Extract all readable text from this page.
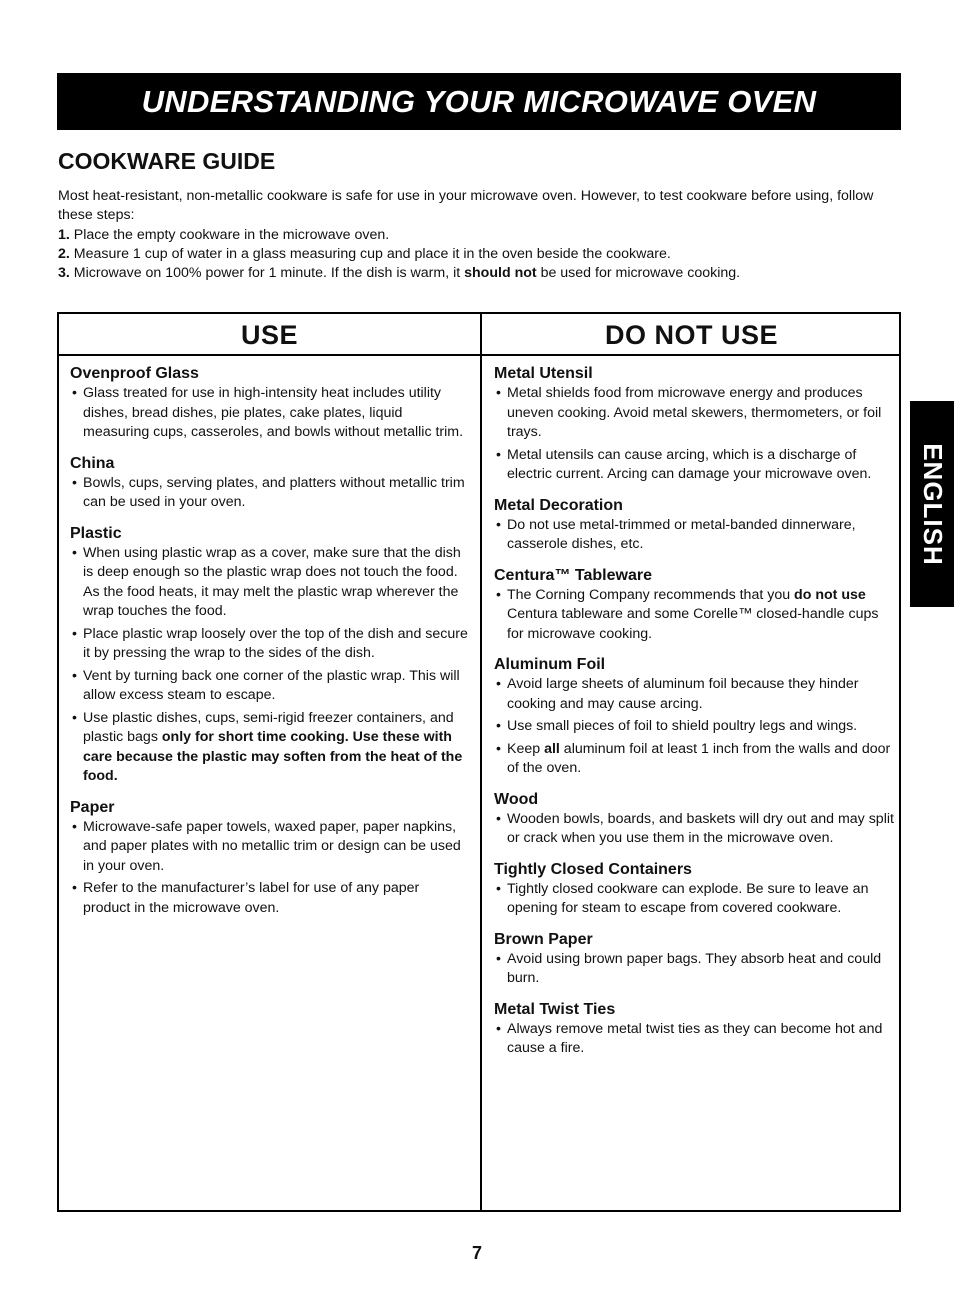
UNDERSTANDING YOUR MICROWAVE OVEN
COOKWARE GUIDE

Most heat-resistant, non-metallic cookware is safe for use in your microwave oven. However, to test cookware before using, follow these steps:

1. Place the empty cookware in the microwave oven.

2. Measure 1 cup of water in a glass measuring cup and place it in the oven beside the cookware.

3. Microwave on 100% power for 1 minute. If the dish is warm, it should not be used for microwave cooking.

USE	DO NOT USE
Ovenproof Glass
• Glass treated for use in high-intensity heat includes utility dishes, bread dishes, pie plates, cake plates, liquid measuring cups, casseroles, and bowls without metallic trim.
China
• Bowls, cups, serving plates, and platters without metallic trim can be used in your oven.
Plastic
• When using plastic wrap as a cover, make sure that the dish is deep enough so the plastic wrap does not touch the food. As the food heats, it may melt the plastic wrap wherever the wrap touches the food.
• Place plastic wrap loosely over the top of the dish and secure it by pressing the wrap to the sides of the dish.
• Vent by turning back one corner of the plastic wrap. This will allow excess steam to escape.
• Use plastic dishes, cups, semi-rigid freezer containers, and plastic bags only for short time cooking. Use these with care because the plastic may soften from the heat of the food.
Paper
• Microwave-safe paper towels, waxed paper, paper napkins, and paper plates with no metallic trim or design can be used in your oven.
• Refer to the manufacturer’s label for use of any paper product in the microwave oven.
Metal Utensil
• Metal shields food from microwave energy and produces uneven cooking. Avoid metal skewers, thermometers, or foil trays.
• Metal utensils can cause arcing, which is a discharge of electric current. Arcing can damage your microwave oven.
Metal Decoration
• Do not use metal-trimmed or metal-banded dinnerware, casserole dishes, etc.
Centura™ Tableware
• The Corning Company recommends that you do not use Centura tableware and some Corelle™ closed-handle cups for microwave cooking.
Aluminum Foil
• Avoid large sheets of aluminum foil because they hinder cooking and may cause arcing.
• Use small pieces of foil to shield poultry legs and wings.
• Keep all aluminum foil at least 1 inch from the walls and door of the oven.
Wood
• Wooden bowls, boards, and baskets will dry out and may split or crack when you use them in the microwave oven.
Tightly Closed Containers
• Tightly closed cookware can explode. Be sure to leave an opening for steam to escape from covered cookware.
Brown Paper
• Avoid using brown paper bags. They absorb heat and could burn.
Metal Twist Ties
• Always remove metal twist ties as they can become hot and cause a fire.
ENGLISH
7
